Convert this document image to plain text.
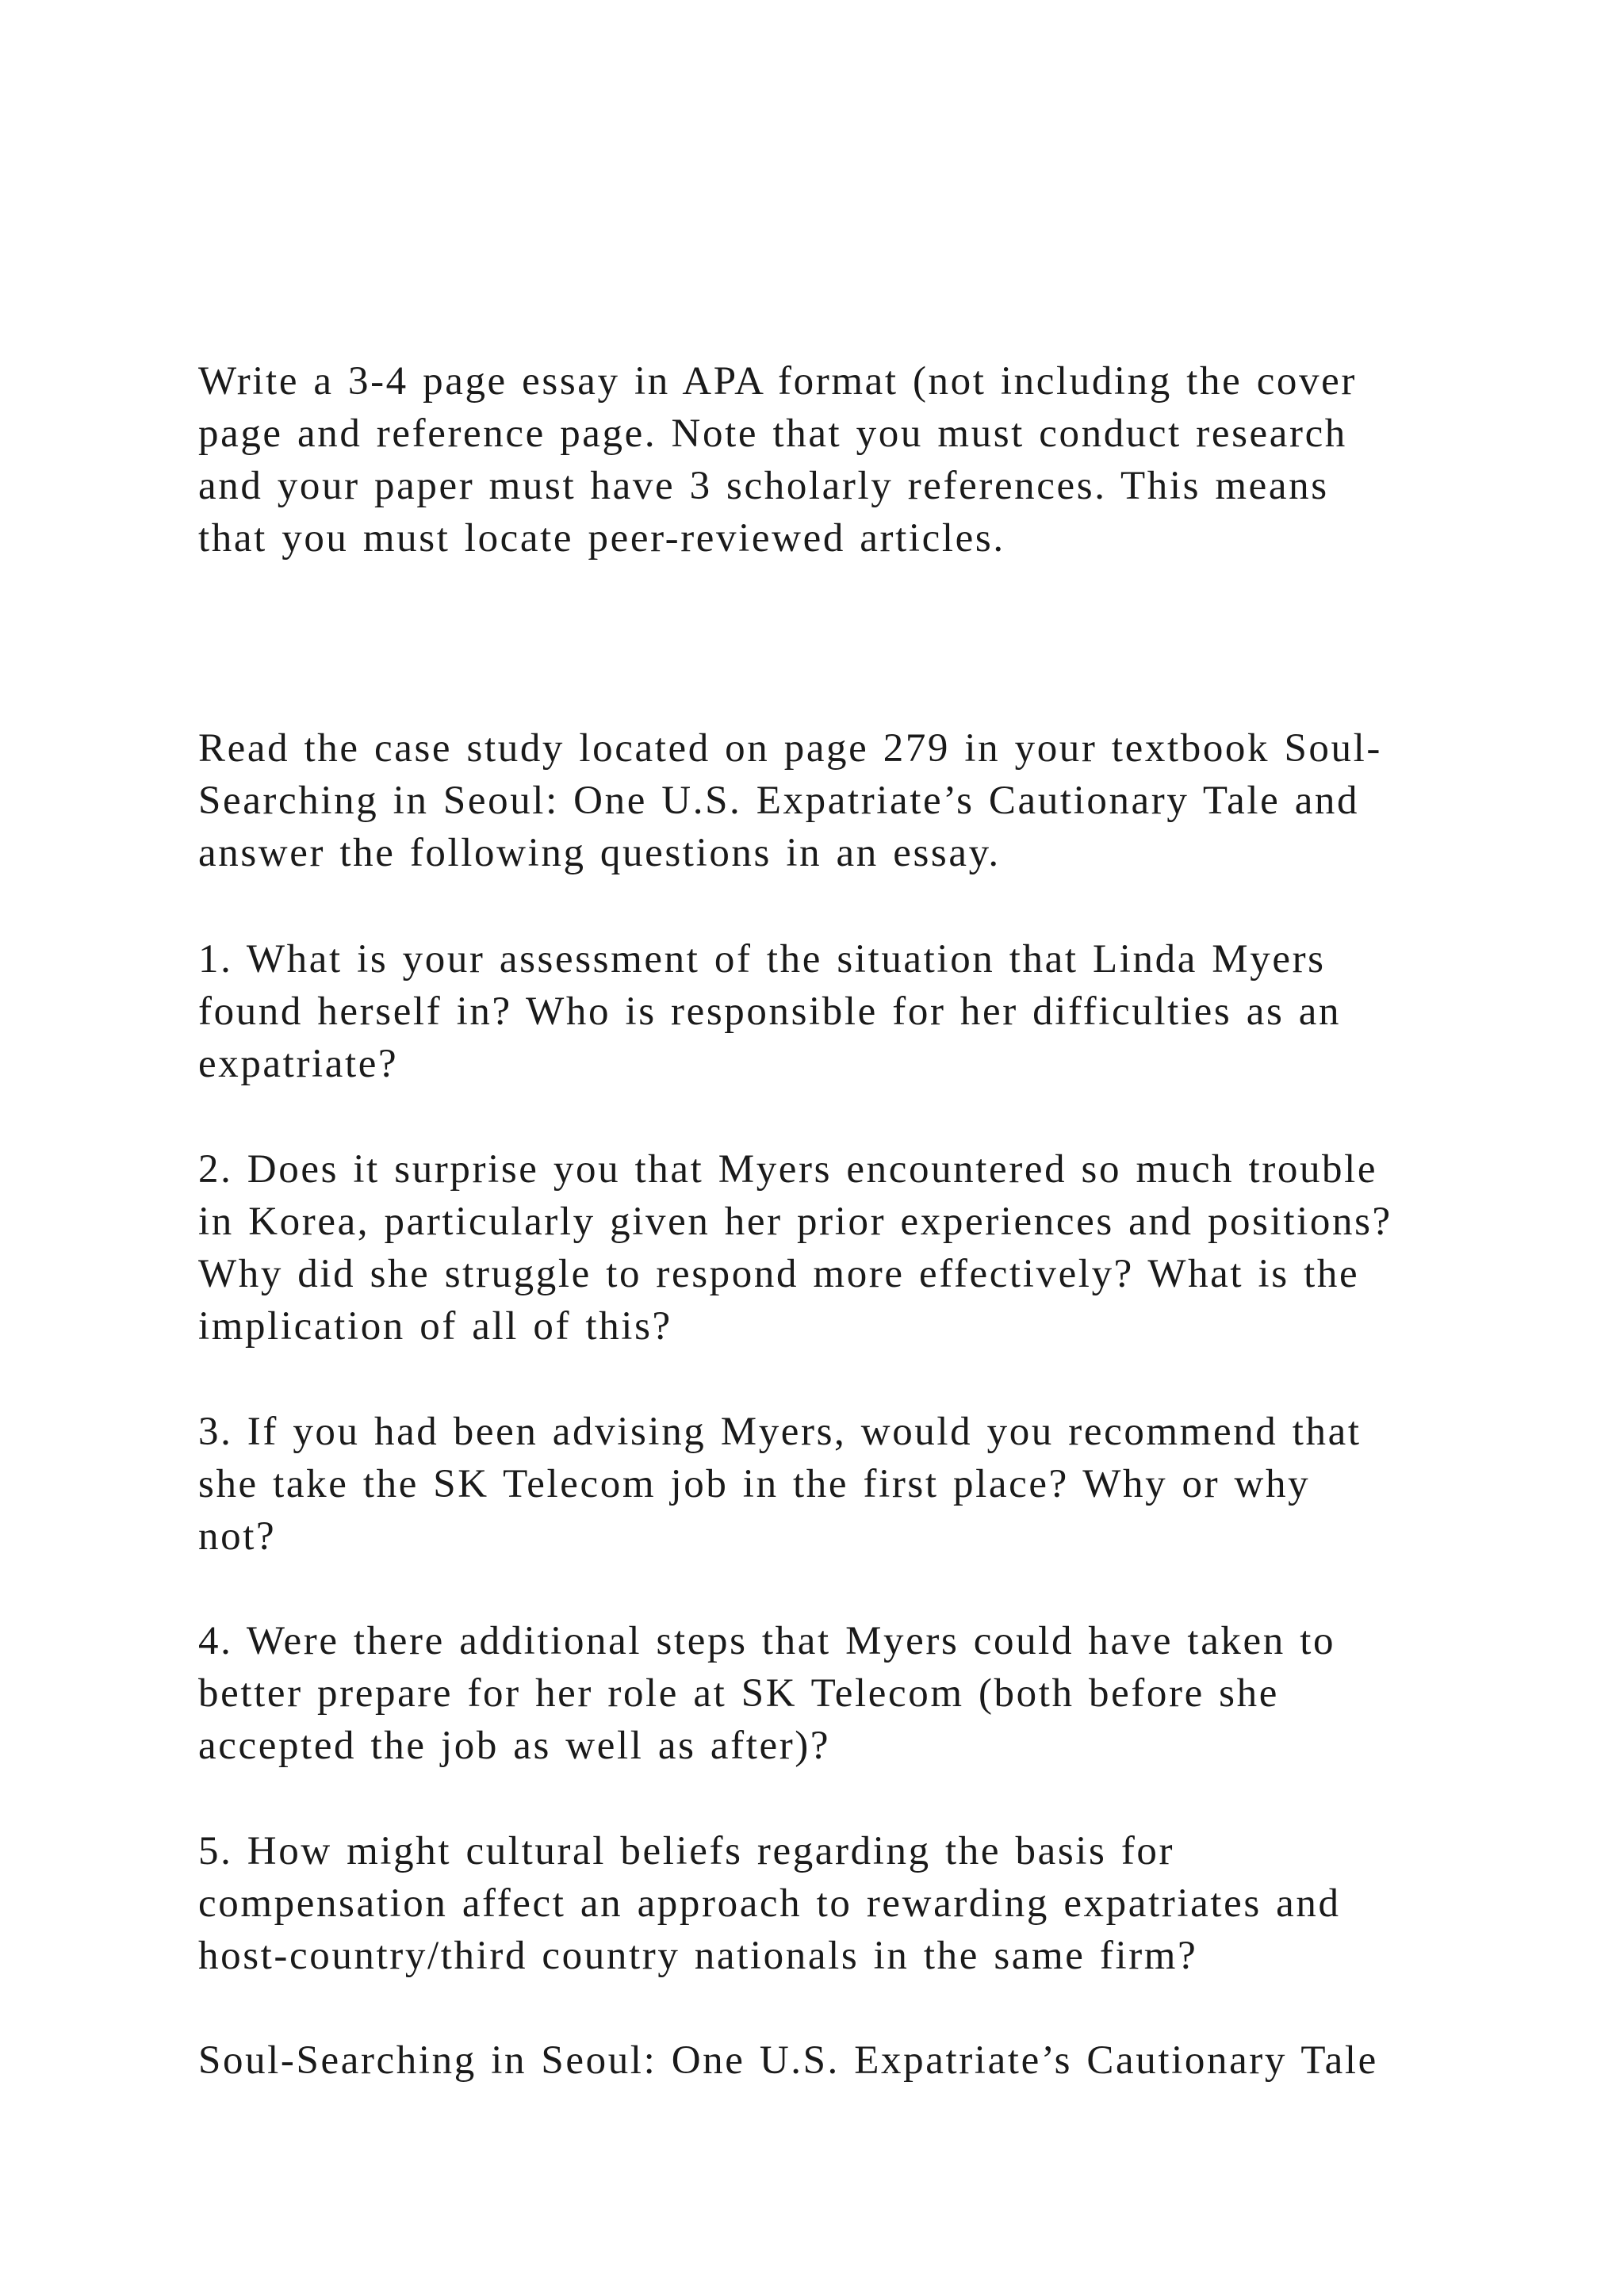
Write a 3-4 page essay in APA format (not including the cover
page and reference page. Note that you must conduct research
and your paper must have 3 scholarly references. This means
that you must locate peer-reviewed articles.
Read the case study located on page 279 in your textbook Soul-
Searching in Seoul: One U.S. Expatriate’s Cautionary Tale and
answer the following questions in an essay.
1. What is your assessment of the situation that Linda Myers
found herself in? Who is responsible for her difficulties as an
expatriate?
2. Does it surprise you that Myers encountered so much trouble
in Korea, particularly given her prior experiences and positions?
Why did she struggle to respond more effectively? What is the
implication of all of this?
3. If you had been advising Myers, would you recommend that
she take the SK Telecom job in the first place? Why or why
not?
4. Were there additional steps that Myers could have taken to
better prepare for her role at SK Telecom (both before she
accepted the job as well as after)?
5. How might cultural beliefs regarding the basis for
compensation affect an approach to rewarding expatriates and
host-country/third country nationals in the same firm?
Soul-Searching in Seoul: One U.S. Expatriate’s Cautionary Tale
